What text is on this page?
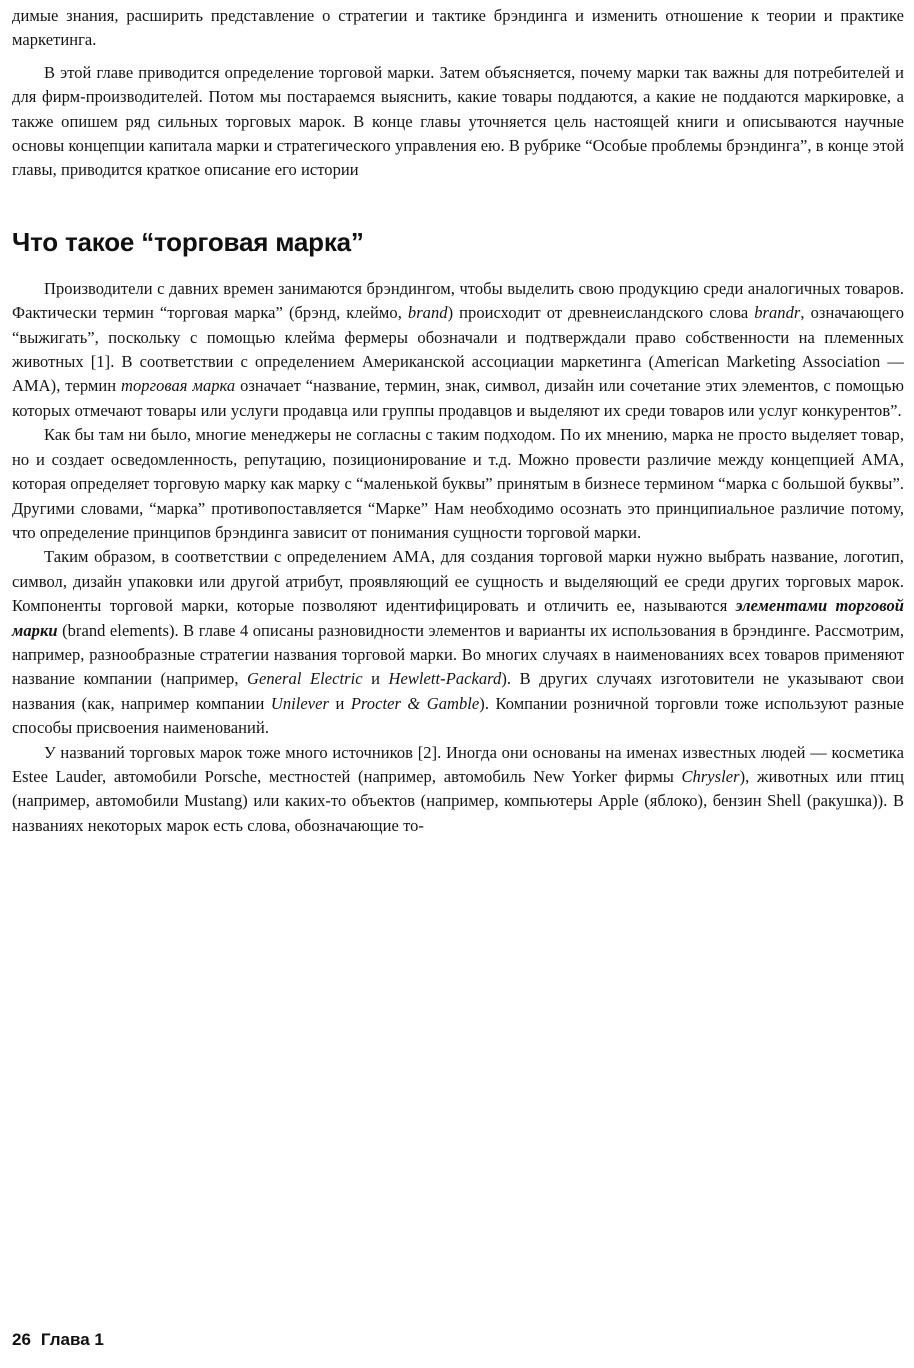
димые знания, расширить представление о стратегии и тактике брэндинга и изменить отношение к теории и практике маркетинга.

В этой главе приводится определение торговой марки. Затем объясняется, почему марки так важны для потребителей и для фирм-производителей. Потом мы постараемся выяснить, какие товары поддаются, а какие не поддаются маркировке, а также опишем ряд сильных торговых марок. В конце главы уточняется цель настоящей книги и описываются научные основы концепции капитала марки и стратегического управления ею. В рубрике “Особые проблемы брэндинга”, в конце этой главы, приводится краткое описание его истории

Что такое “торговая марка”

Производители с давних времен занимаются брэндингом, чтобы выделить свою продукцию среди аналогичных товаров. Фактически термин “торговая марка” (брэнд, клеймо, brand) происходит от древнеисландского слова brandr, означающего “выжигать”, поскольку с помощью клейма фермеры обозначали и подтверждали право собственности на племенных животных [1]. В соответствии с определением Американской ассоциации маркетинга (American Marketing Association — AMA), термин торговая марка означает “название, термин, знак, символ, дизайн или сочетание этих элементов, с помощью которых отмечают товары или услуги продавца или группы продавцов и выделяют их среди товаров или услуг конкурентов”.

Как бы там ни было, многие менеджеры не согласны с таким подходом. По их мнению, марка не просто выделяет товар, но и создает осведомленность, репутацию, позиционирование и т.д. Можно провести различие между концепцией АМА, которая определяет торговую марку как марку с “маленькой буквы” принятым в бизнесе термином “марка с большой буквы”. Другими словами, “марка” противопоставляется “Марке” Нам необходимо осознать это принципиальное различие потому, что определение принципов брэндинга зависит от понимания сущности торговой марки.

Таким образом, в соответствии с определением АМА, для создания торговой марки нужно выбрать название, логотип, символ, дизайн упаковки или другой атрибут, проявляющий ее сущность и выделяющий ее среди других торговых марок. Компоненты торговой марки, которые позволяют идентифицировать и отличить ее, называются элементами торговой марки (brand elements). В главе 4 описаны разновидности элементов и варианты их использования в брэндинге. Рассмотрим, например, разнообразные стратегии названия торговой марки. Во многих случаях в наименованиях всех товаров применяют название компании (например, General Electric и Hewlett-Packard). В других случаях изготовители не указывают свои названия (как, например компании Unilever и Procter & Gamble). Компании розничной торговли тоже используют разные способы присвоения наименований.

У названий торговых марок тоже много источников [2]. Иногда они основаны на именах известных людей — косметика Estee Lauder, автомобили Porsche, местностей (например, автомобиль New Yorker фирмы Chrysler), животных или птиц (например, автомобили Mustang) или каких-то объектов (например, компьютеры Apple (яблоко), бензин Shell (ракушка)). В названиях некоторых марок есть слова, обозначающие то-

26 Глава 1
